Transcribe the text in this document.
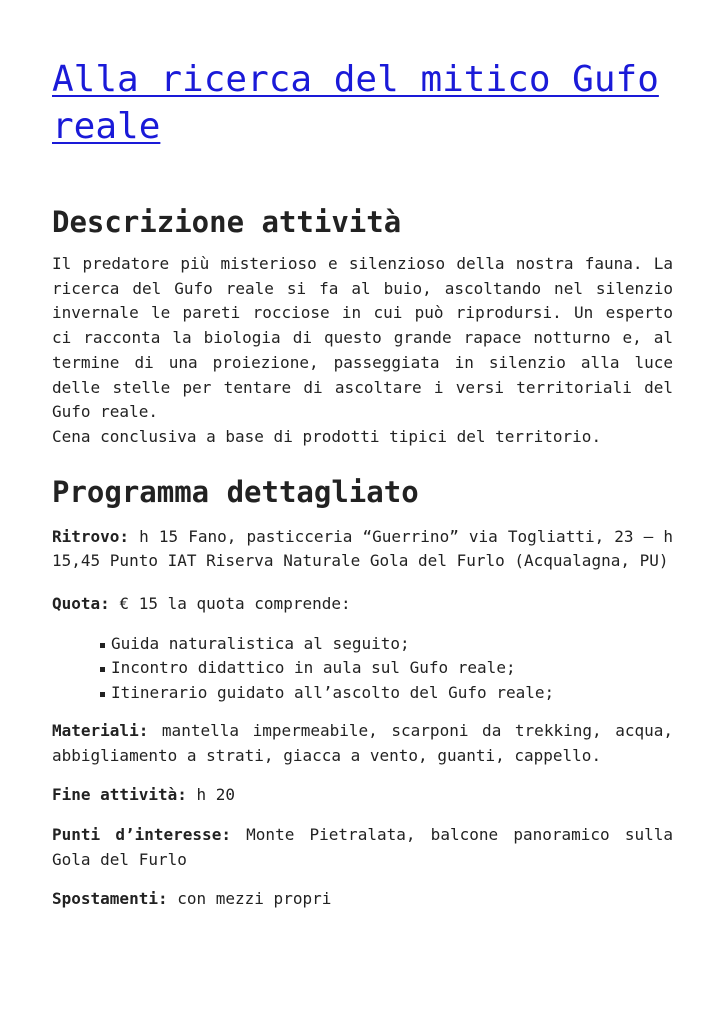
Alla ricerca del mitico Gufo reale
Descrizione attività

Il predatore più misterioso e silenzioso della nostra fauna. La ricerca del Gufo reale si fa al buio, ascoltando nel silenzio invernale le pareti rocciose in cui può riprodursi. Un esperto ci racconta la biologia di questo grande rapace notturno e, al termine di una proiezione, passeggiata in silenzio alla luce delle stelle per tentare di ascoltare i versi territoriali del Gufo reale.
Cena conclusiva a base di prodotti tipici del territorio.

Programma dettagliato

Ritrovo: h 15 Fano, pasticceria “Guerrino” via Togliatti, 23 – h 15,45 Punto IAT Riserva Naturale Gola del Furlo (Acqualagna, PU)

Quota: € 15 la quota comprende:

Guida naturalistica al seguito;
Incontro didattico in aula sul Gufo reale;
Itinerario guidato all’ascolto del Gufo reale;

Materiali: mantella impermeabile, scarponi da trekking, acqua, abbigliamento a strati, giacca a vento, guanti, cappello.

Fine attività: h 20

Punti d’interesse: Monte Pietralata, balcone panoramico sulla Gola del Furlo

Spostamenti: con mezzi propri
